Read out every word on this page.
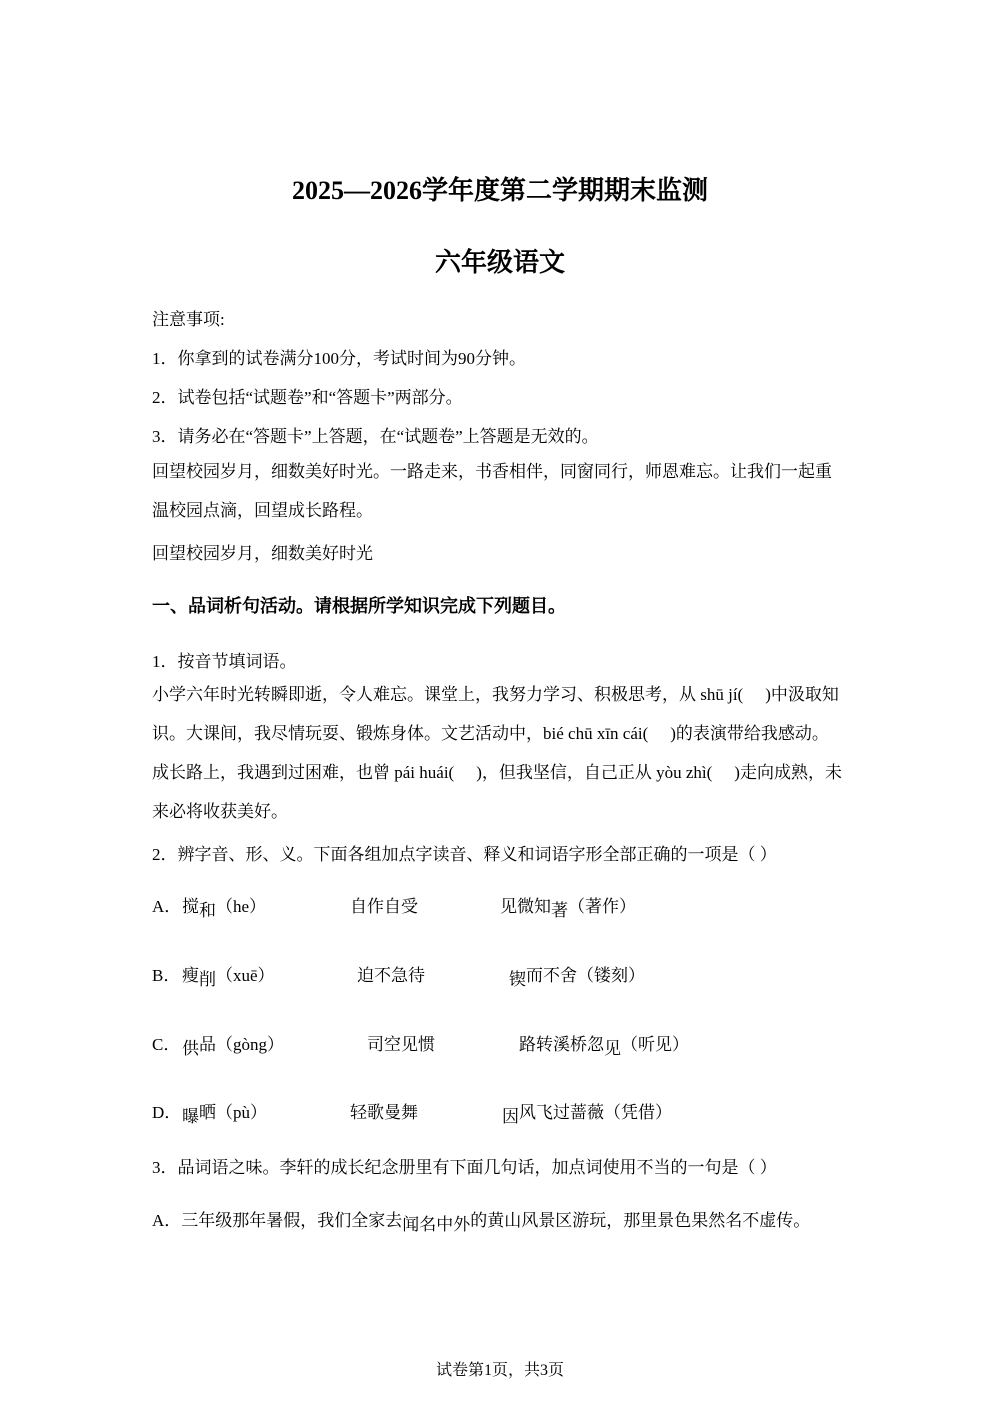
2025—2026学年度第二学期期末监测
六年级语文
注意事项:
1．你拿到的试卷满分100分，考试时间为90分钟。
2．试卷包括“试题卷”和“答题卡”两部分。
3．请务必在“答题卡”上答题，在“试题卷”上答题是无效的。
回望校园岁月，细数美好时光。一路走来，书香相伴，同窗同行，师恩难忘。让我们一起重温校园点滴，回望成长路程。
回望校园岁月，细数美好时光
一、品词析句活动。请根据所学知识完成下列题目。
1．按音节填词语。
小学六年时光转瞬即逝，令人难忘。课堂上，我努力学习、积极思考，从 shū jí( )中汲取知识。大课间，我尽情玩耍、锻炼身体。文艺活动中，bié chū xīn cái( )的表演带给我感动。成长路上，我遇到过困难，也曾 pái huái( )，但我坚信，自己正从 yòu zhì( )走向成熟，未来必将收获美好。
2．辨字音、形、义。下面各组加点字读音、释义和词语字形全部正确的一项是（ ）
A． 搅和（he）	自作自受	见微知著（著作）
B． 瘦削（xuē）	迫不急待	锲而不舍（镂刻）
C． 供品（gòng）	司空见惯	路转溪桥忽见（听见）
D． 曝晒（pù）	轻歌曼舞	因风飞过蔷薇（凭借）
3．品词语之味。李轩的成长纪念册里有下面几句话，加点词使用不当的一句是（ ）
A．三年级那年暑假，我们全家去闻名中外的黄山风景区游玩，那里景色果然名不虚传。
试卷第1页，共3页
